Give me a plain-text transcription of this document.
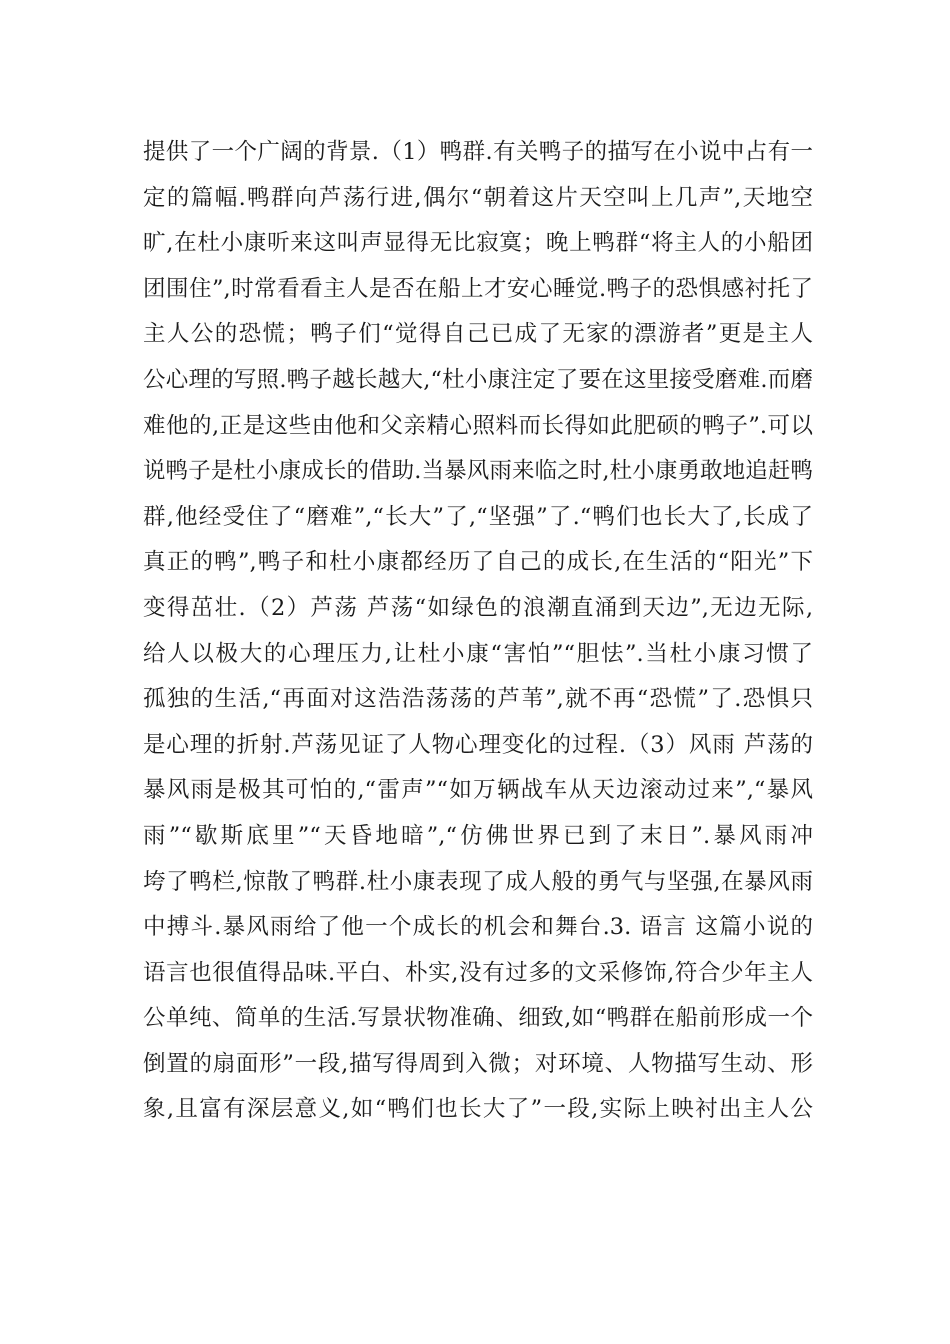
提供了一个广阔的背景.（1）鸭群.有关鸭子的描写在小说中占有一
定的篇幅.鸭群向芦荡行进,偶尔“朝着这片天空叫上几声”,天地空
旷,在杜小康听来这叫声显得无比寂寞；晚上鸭群“将主人的小船团
团围住”,时常看看主人是否在船上才安心睡觉.鸭子的恐惧感衬托了
主人公的恐慌；鸭子们“觉得自己已成了无家的漂游者”更是主人
公心理的写照.鸭子越长越大,“杜小康注定了要在这里接受磨难.而磨
难他的,正是这些由他和父亲精心照料而长得如此肥硕的鸭子”.可以
说鸭子是杜小康成长的借助.当暴风雨来临之时,杜小康勇敢地追赶鸭
群,他经受住了“磨难”,“长大”了,“坚强”了.“鸭们也长大了,长成了
真正的鸭”,鸭子和杜小康都经历了自己的成长,在生活的“阳光”下
变得茁壮.（2）芦荡 芦荡“如绿色的浪潮直涌到天边”,无边无际,
给人以极大的心理压力,让杜小康“害怕”“胆怯”.当杜小康习惯了
孤独的生活,“再面对这浩浩荡荡的芦苇”,就不再“恐慌”了.恐惧只
是心理的折射.芦荡见证了人物心理变化的过程.（3）风雨 芦荡的
暴风雨是极其可怕的,“雷声”“如万辆战车从天边滚动过来”,“暴风
雨”“歇斯底里”“天昏地暗”,“仿佛世界已到了末日”.暴风雨冲
垮了鸭栏,惊散了鸭群.杜小康表现了成人般的勇气与坚强,在暴风雨
中搏斗.暴风雨给了他一个成长的机会和舞台.3. 语言 这篇小说的
语言也很值得品味.平白、朴实,没有过多的文采修饰,符合少年主人
公单纯、简单的生活.写景状物准确、细致,如“鸭群在船前形成一个
倒置的扇面形”一段,描写得周到入微；对环境、人物描写生动、形
象,且富有深层意义,如“鸭们也长大了”一段,实际上映衬出主人公
